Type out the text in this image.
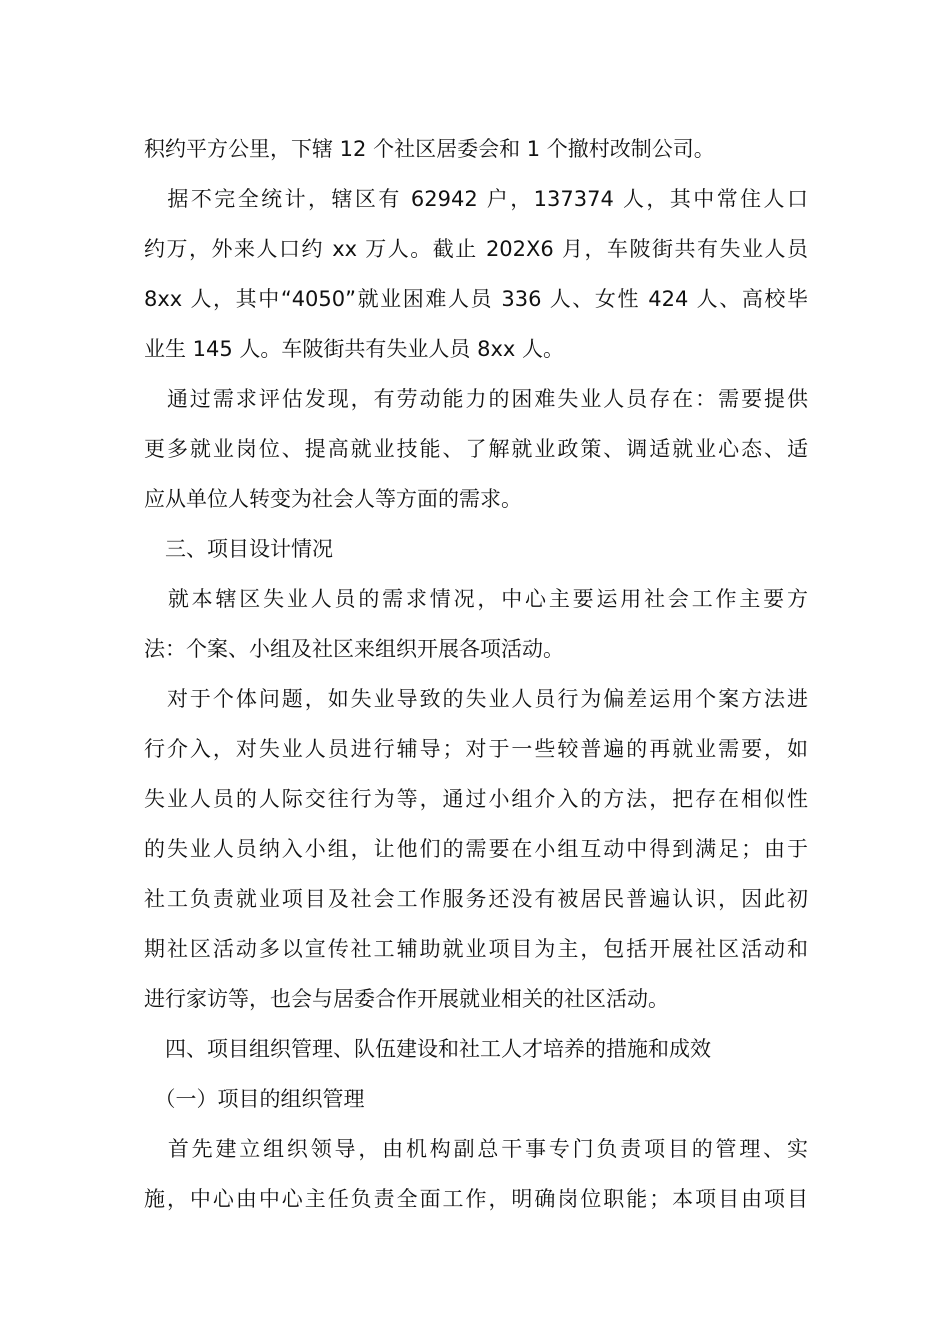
积约平方公里，下辖 12 个社区居委会和 1 个撤村改制公司。
　据不完全统计，辖区有 62942 户，137374 人，其中常住人口
约万，外来人口约 xx 万人。截止 202X6 月，车陂街共有失业人员
8xx 人，其中“4050”就业困难人员 336 人、女性 424 人、高校毕
业生 145 人。车陂街共有失业人员 8xx 人。
　通过需求评估发现，有劳动能力的困难失业人员存在：需要提供
更多就业岗位、提高就业技能、了解就业政策、调适就业心态、适
应从单位人转变为社会人等方面的需求。
　三、项目设计情况
　就本辖区失业人员的需求情况，中心主要运用社会工作主要方
法：个案、小组及社区来组织开展各项活动。
　对于个体问题，如失业导致的失业人员行为偏差运用个案方法进
行介入，对失业人员进行辅导；对于一些较普遍的再就业需要，如
失业人员的人际交往行为等，通过小组介入的方法，把存在相似性
的失业人员纳入小组，让他们的需要在小组互动中得到满足；由于
社工负责就业项目及社会工作服务还没有被居民普遍认识，因此初
期社区活动多以宣传社工辅助就业项目为主，包括开展社区活动和
进行家访等，也会与居委合作开展就业相关的社区活动。
　四、项目组织管理、队伍建设和社工人才培养的措施和成效
　（一）项目的组织管理
　首先建立组织领导，由机构副总干事专门负责项目的管理、实
施，中心由中心主任负责全面工作，明确岗位职能；本项目由项目
